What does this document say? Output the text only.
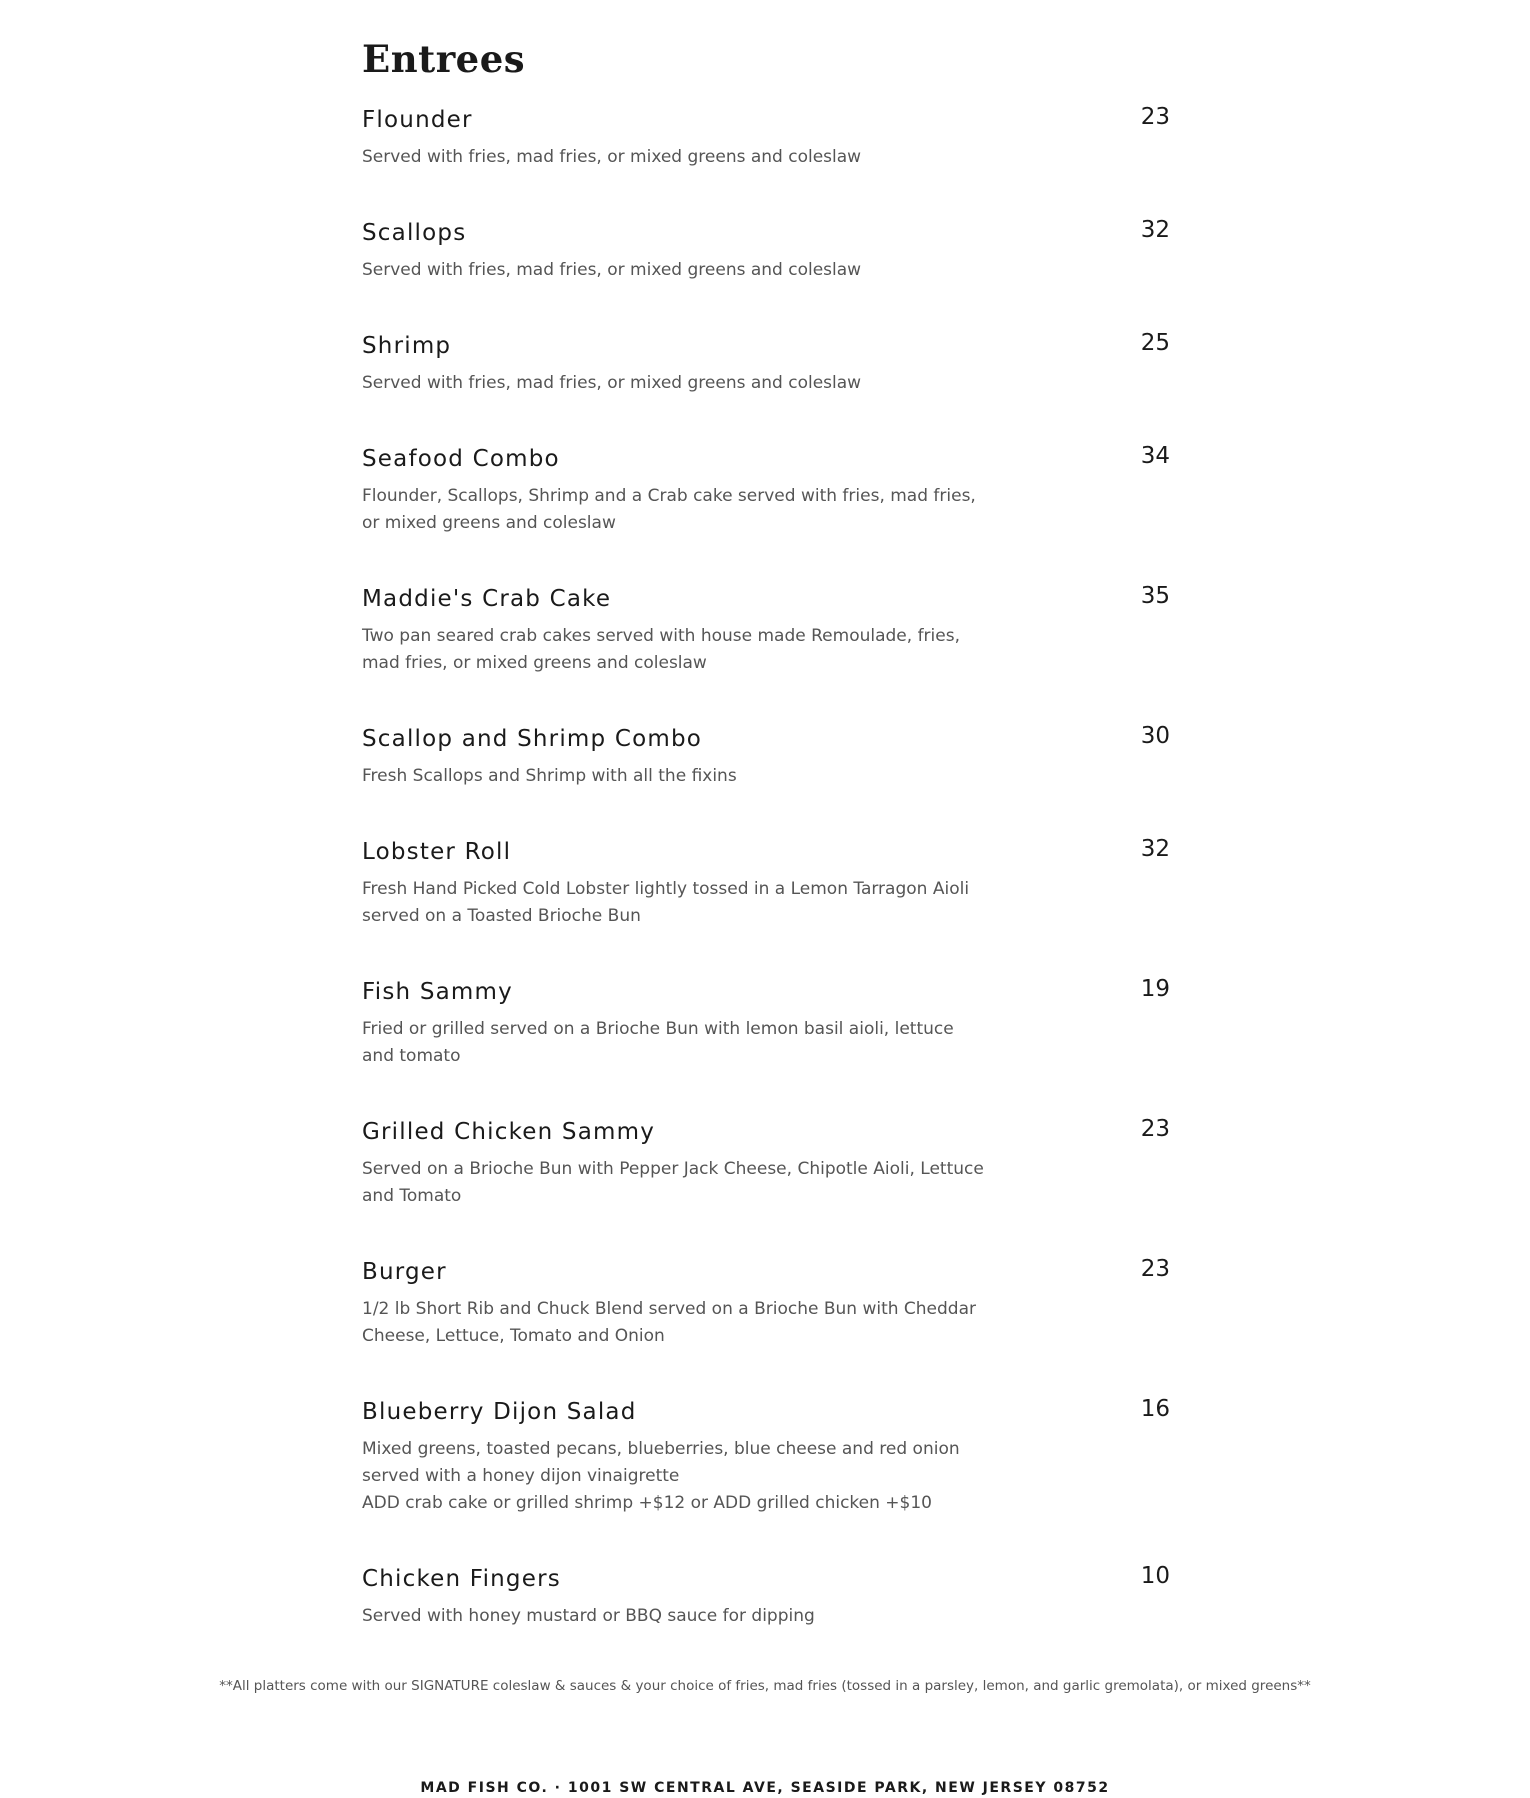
Entrees
Flounder	23
Served with fries, mad fries, or mixed greens and coleslaw
Scallops	32
Served with fries, mad fries, or mixed greens and coleslaw
Shrimp	25
Served with fries, mad fries, or mixed greens and coleslaw
Seafood Combo	34
Flounder, Scallops, Shrimp and a Crab cake served with fries, mad fries,
or mixed greens and coleslaw
Maddie's Crab Cake	35
Two pan seared crab cakes served with house made Remoulade, fries,
mad fries, or mixed greens and coleslaw
Scallop and Shrimp Combo	30
Fresh Scallops and Shrimp with all the fixins
Lobster Roll	32
Fresh Hand Picked Cold Lobster lightly tossed in a Lemon Tarragon Aioli
served on a Toasted Brioche Bun
Fish Sammy	19
Fried or grilled served on a Brioche Bun with lemon basil aioli, lettuce
and tomato
Grilled Chicken Sammy	23
Served on a Brioche Bun with Pepper Jack Cheese, Chipotle Aioli, Lettuce
and Tomato
Burger	23
1/2 lb Short Rib and Chuck Blend served on a Brioche Bun with Cheddar
Cheese, Lettuce, Tomato and Onion
Blueberry Dijon Salad	16
Mixed greens, toasted pecans, blueberries, blue cheese and red onion
served with a honey dijon vinaigrette
ADD crab cake or grilled shrimp +$12 or ADD grilled chicken +$10
Chicken Fingers	10
Served with honey mustard or BBQ sauce for dipping
**All platters come with our SIGNATURE coleslaw & sauces & your choice of fries, mad fries (tossed in a parsley, lemon, and garlic gremolata), or mixed greens**
MAD FISH CO. · 1001 SW CENTRAL AVE, SEASIDE PARK, NEW JERSEY 08752
